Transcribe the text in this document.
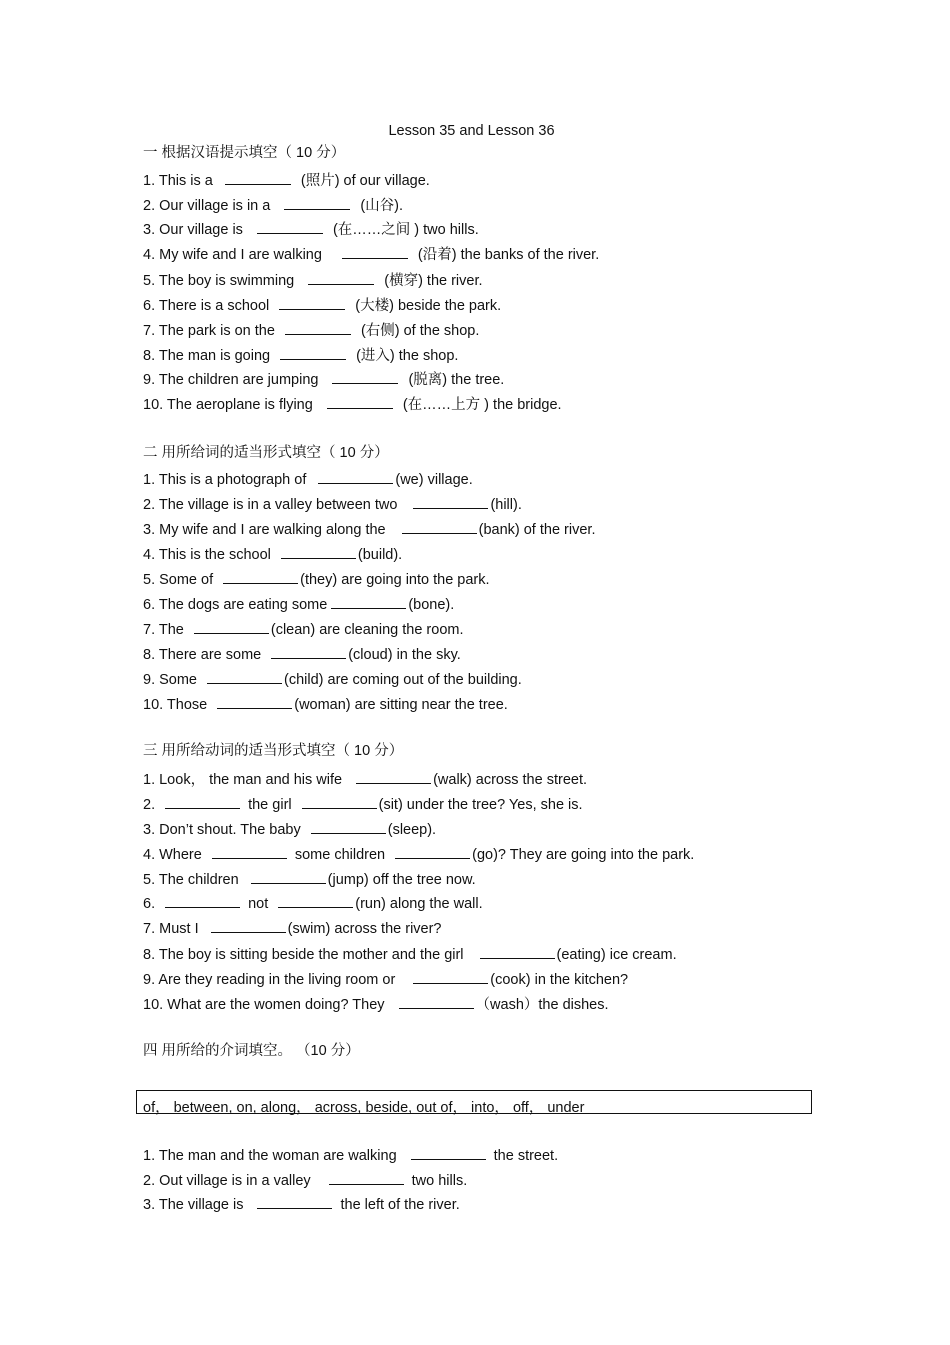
Lesson 35 and Lesson 36
一 根据汉语提示填空（ 10 分）
1. This is a	(照片) of our village.
2. Our village is in a	(山谷).
3. Our village is	(在……之间 ) two hills.
4. My wife and I are walking	(沿着) the banks of the river.
5. The boy is swimming	(横穿) the river.
6. There is a school	(大楼) beside the park.
7. The park is on the	(右侧) of the shop.
8. The man is going	(进入) the shop.
9. The children are jumping	(脱离) the tree.
10. The aeroplane is flying	(在……上方 ) the bridge.
二 用所给词的适当形式填空（ 10 分）
1. This is a photograph of	(we) village.
2. The village is in a valley between two	(hill).
3. My wife and I are walking along the	(bank) of the river.
4. This is the school	(build).
5. Some of	(they) are going into the park.
6. The dogs are eating some	(bone).
7. The	(clean) are cleaning the room.
8. There are some	(cloud) in the sky.
9. Some	(child) are coming out of the building.
10. Those	(woman) are sitting near the tree.
三 用所给动词的适当形式填空（ 10 分）
1. Look， the man and his wife	(walk) across the street.
2.	the girl	(sit) under the tree? Yes, she is.
3. Don’t shout. The baby	(sleep).
4. Where	some children	(go)? They are going into the park.
5. The children	(jump) off the tree now.
6.	not	(run) along the wall.
7. Must I	(swim) across the river?
8. The boy is sitting beside the mother and the girl	(eating) ice cream.
9. Are they reading in the living room or	(cook) in the kitchen?
10. What are the women doing? They	（wash）the dishes.
四 用所给的介词填空。 （10 分）
of， between, on, along， across, beside, out of， into， off， under
1. The man and the woman are walking	the street.
2. Out village is in a valley	two hills.
3. The village is	the left of the river.
